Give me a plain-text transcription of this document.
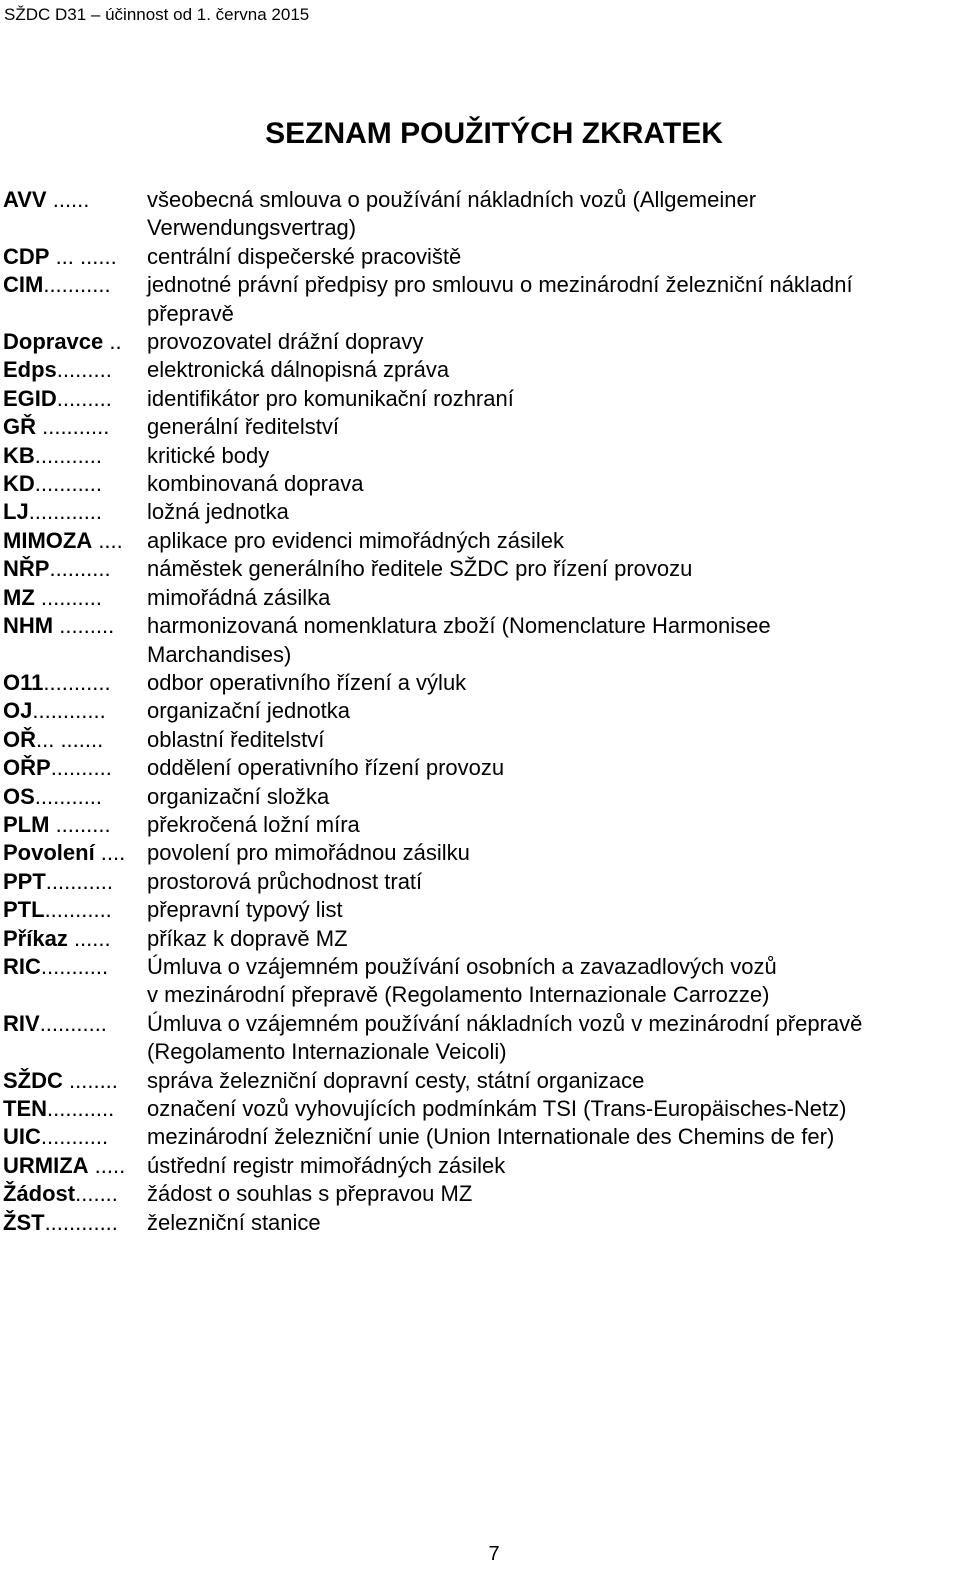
SŽDC D31 – účinnost od 1. června 2015
SEZNAM POUŽITÝCH ZKRATEK
AVV ......	všeobecná smlouva o používání nákladních vozů (Allgemeiner
Verwendungsvertrag)
CDP ... ...... centrální dispečerské pracoviště
CIM........... jednotné právní předpisy pro smlouvu o mezinárodní železniční nákladní
přepravě
Dopravce .. provozovatel drážní dopravy
Edps......... elektronická dálnopisná zpráva
EGID......... identifikátor pro komunikační rozhraní
GŘ ........... generální ředitelství
KB........... kritické body
KD........... kombinovaná doprava
LJ............ ložná jednotka
MIMOZA .... aplikace pro evidenci mimořádných zásilek
NŘP.......... náměstek generálního ředitele SŽDC pro řízení provozu
MZ .......... mimořádná zásilka
NHM ......... harmonizovaná nomenklatura zboží (Nomenclature Harmonisee
Marchandises)
O11........... odbor operativního řízení a výluk
OJ............ organizační jednotka
OŘ... ....... oblastní ředitelství
OŘP.......... oddělení operativního řízení provozu
OS........... organizační složka
PLM ......... překročená ložní míra
Povolení .... povolení pro mimořádnou zásilku
PPT........... prostorová průchodnost tratí
PTL........... přepravní typový list
Příkaz ...... příkaz k dopravě MZ
RIC........... Úmluva o vzájemném používání osobních a zavazadlových vozů
v mezinárodní přepravě (Regolamento Internazionale Carrozze)
RIV........... Úmluva o vzájemném používání nákladních vozů v mezinárodní přepravě
(Regolamento Internazionale Veicoli)
SŽDC ........ správa železniční dopravní cesty, státní organizace
TEN........... označení vozů vyhovujících podmínkám TSI (Trans-Europäisches-Netz)
UIC........... mezinárodní železniční unie (Union Internationale des Chemins de fer)
URMIZA ..... ústřední registr mimořádných zásilek
Žádost....... žádost o souhlas s přepravou MZ
ŽST............ železniční stanice
7
